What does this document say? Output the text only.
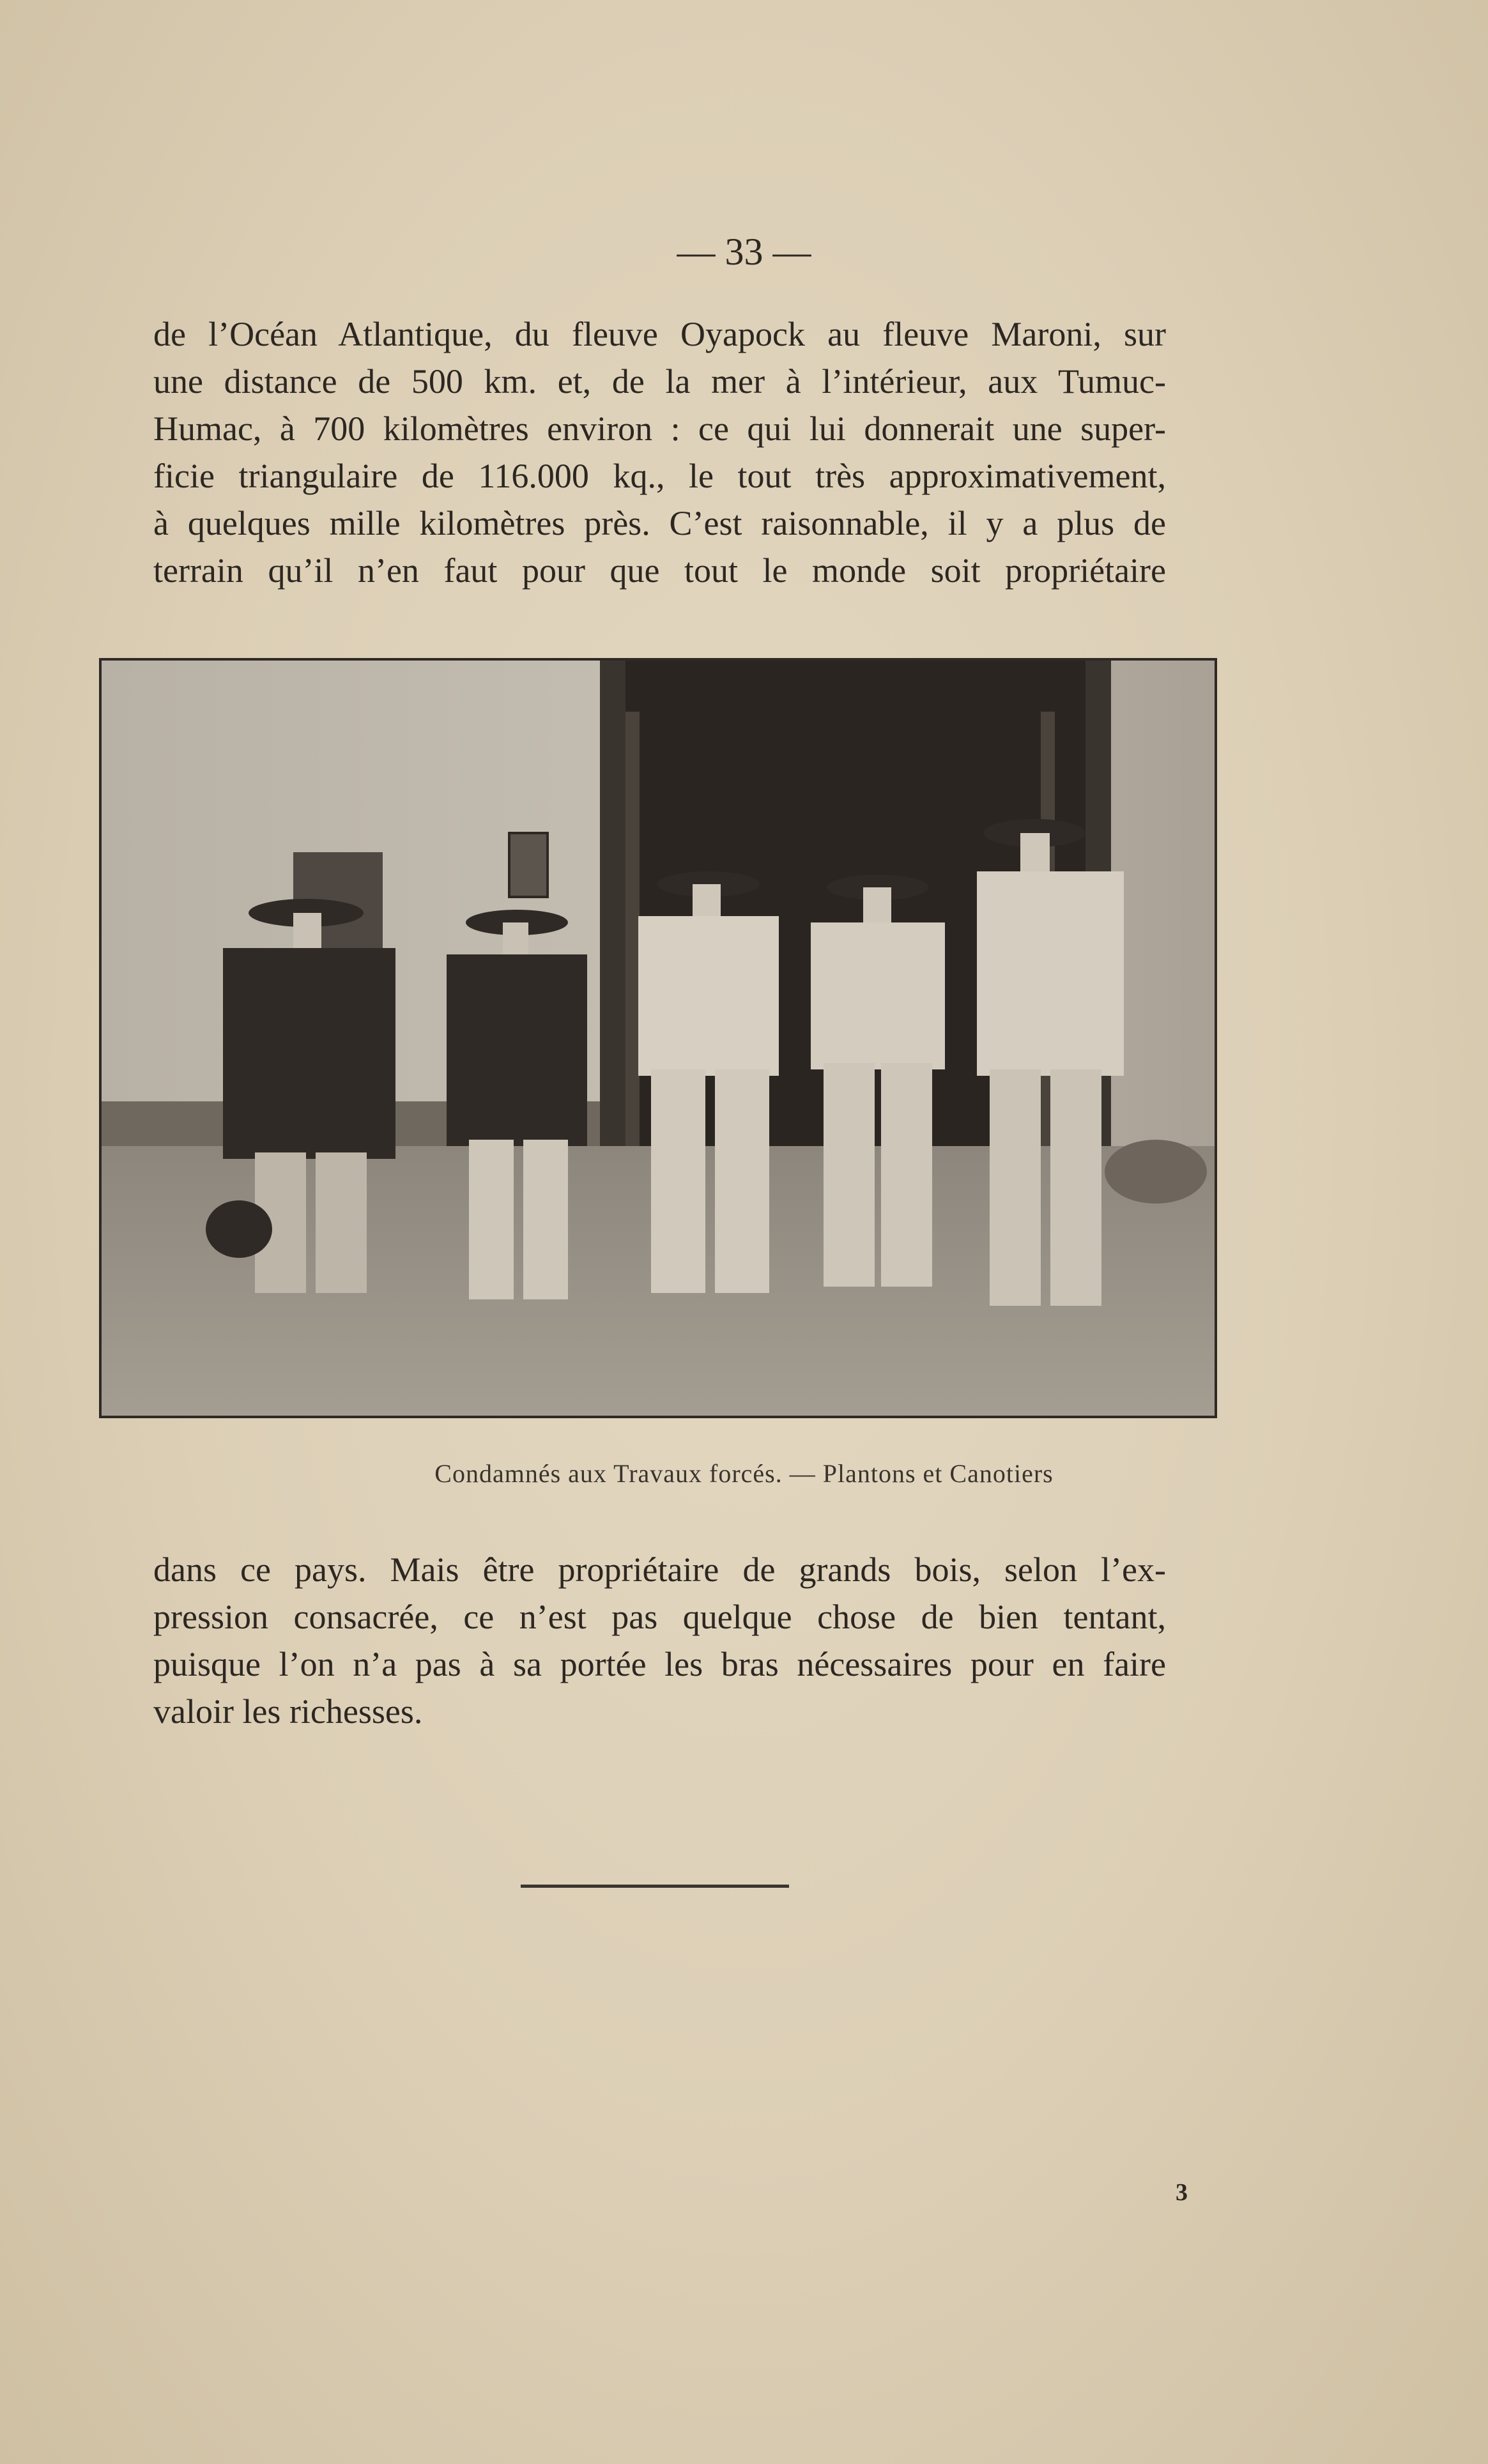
— 33 —
de l’Océan Atlantique, du fleuve Oyapock au fleuve Maroni, sur
une distance de 500 km. et, de la mer à l’intérieur, aux Tumuc-
Humac, à 700 kilomètres environ : ce qui lui donnerait une super-
ficie triangulaire de 116.000 kq., le tout très approximativement,
à quelques mille kilomètres près. C’est raisonnable, il y a plus de
terrain qu’il n’en faut pour que tout le monde soit propriétaire
Condamnés aux Travaux forcés. — Plantons et Canotiers
dans ce pays. Mais être propriétaire de grands bois, selon l’ex-
pression consacrée, ce n’est pas quelque chose de bien tentant,
puisque l’on n’a pas à sa portée les bras nécessaires pour en faire
valoir les richesses.
3
